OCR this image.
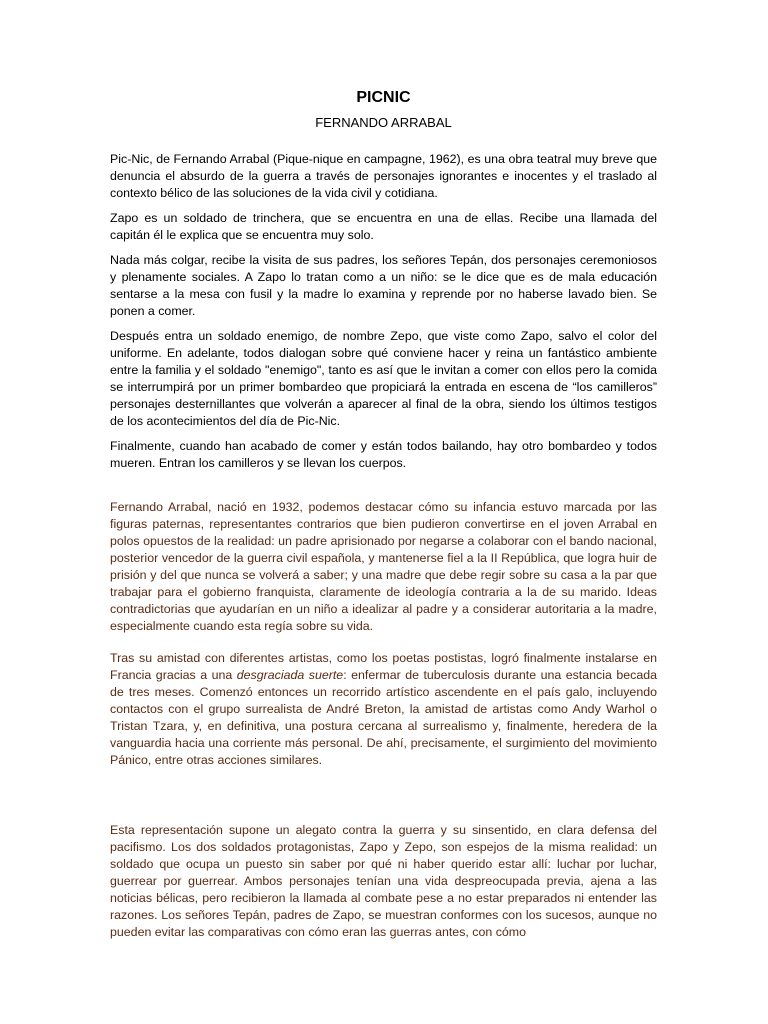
PICNIC
FERNANDO ARRABAL

Pic-Nic, de Fernando Arrabal (Pique-nique en campagne, 1962), es una obra teatral muy breve que denuncia el absurdo de la guerra a través de personajes ignorantes e inocentes y el traslado al contexto bélico de las soluciones de la vida civil y cotidiana.

Zapo es un soldado de trinchera, que se encuentra en una de ellas. Recibe una llamada del capitán él le explica que se encuentra muy solo.

Nada más colgar, recibe la visita de sus padres, los señores Tepán, dos personajes ceremoniosos y plenamente sociales. A Zapo lo tratan como a un niño: se le dice que es de mala educación sentarse a la mesa con fusil y la madre lo examina y reprende por no haberse lavado bien. Se ponen a comer.

Después entra un soldado enemigo, de nombre Zepo, que viste como Zapo, salvo el color del uniforme. En adelante, todos dialogan sobre qué conviene hacer y reina un fantástico ambiente entre la familia y el soldado "enemigo", tanto es así que le invitan a comer con ellos pero la comida se interrumpirá por un primer bombardeo que propiciará la entrada en escena de “los camilleros” personajes desternillantes que volverán a aparecer al final de la obra, siendo los últimos testigos de los acontecimientos del día de Pic-Nic.

Finalmente, cuando han acabado de comer y están todos bailando, hay otro bombardeo y todos mueren. Entran los camilleros y se llevan los cuerpos.

Fernando Arrabal, nació en 1932, podemos destacar cómo su infancia estuvo marcada por las figuras paternas, representantes contrarios que bien pudieron convertirse en el joven Arrabal en polos opuestos de la realidad: un padre aprisionado por negarse a colaborar con el bando nacional, posterior vencedor de la guerra civil española, y mantenerse fiel a la II República, que logra huir de prisión y del que nunca se volverá a saber; y una madre que debe regir sobre su casa a la par que trabajar para el gobierno franquista, claramente de ideología contraria a la de su marido. Ideas contradictorias que ayudarían en un niño a idealizar al padre y a considerar autoritaria a la madre, especialmente cuando esta regía sobre su vida.

Tras su amistad con diferentes artistas, como los poetas postistas, logró finalmente instalarse en Francia gracias a una desgraciada suerte: enfermar de tuberculosis durante una estancia becada de tres meses. Comenzó entonces un recorrido artístico ascendente en el país galo, incluyendo contactos con el grupo surrealista de André Breton, la amistad de artistas como Andy Warhol o Tristan Tzara, y, en definitiva, una postura cercana al surrealismo y, finalmente, heredera de la vanguardia hacia una corriente más personal. De ahí, precisamente, el surgimiento del movimiento Pánico, entre otras acciones similares.

Esta representación supone un alegato contra la guerra y su sinsentido, en clara defensa del pacifismo. Los dos soldados protagonistas, Zapo y Zepo, son espejos de la misma realidad: un soldado que ocupa un puesto sin saber por qué ni haber querido estar allí: luchar por luchar, guerrear por guerrear. Ambos personajes tenían una vida despreocupada previa, ajena a las noticias bélicas, pero recibieron la llamada al combate pese a no estar preparados ni entender las razones. Los señores Tepán, padres de Zapo, se muestran conformes con los sucesos, aunque no pueden evitar las comparativas con cómo eran las guerras antes, con cómo
